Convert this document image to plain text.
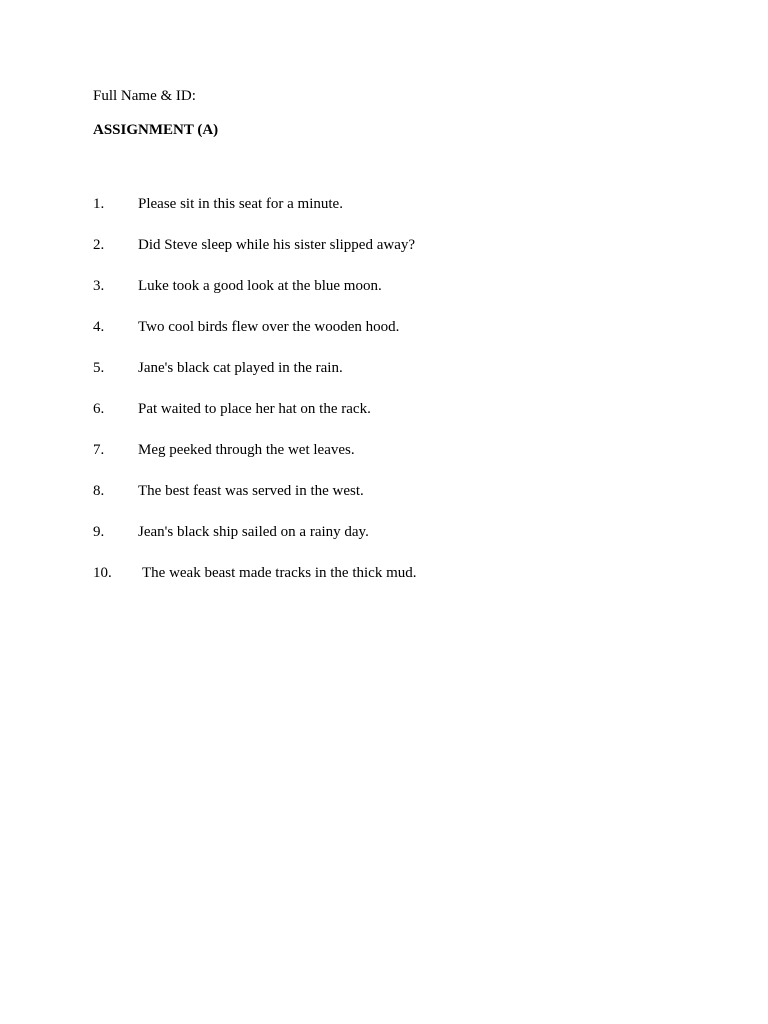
Full Name & ID:
ASSIGNMENT (A)
1. Please sit in this seat for a minute.
2. Did Steve sleep while his sister slipped away?
3. Luke took a good look at the blue moon.
4. Two cool birds flew over the wooden hood.
5. Jane's black cat played in the rain.
6. Pat waited to place her hat on the rack.
7. Meg peeked through the wet leaves.
8. The best feast was served in the west.
9. Jean's black ship sailed on a rainy day.
10. The weak beast made tracks in the thick mud.
